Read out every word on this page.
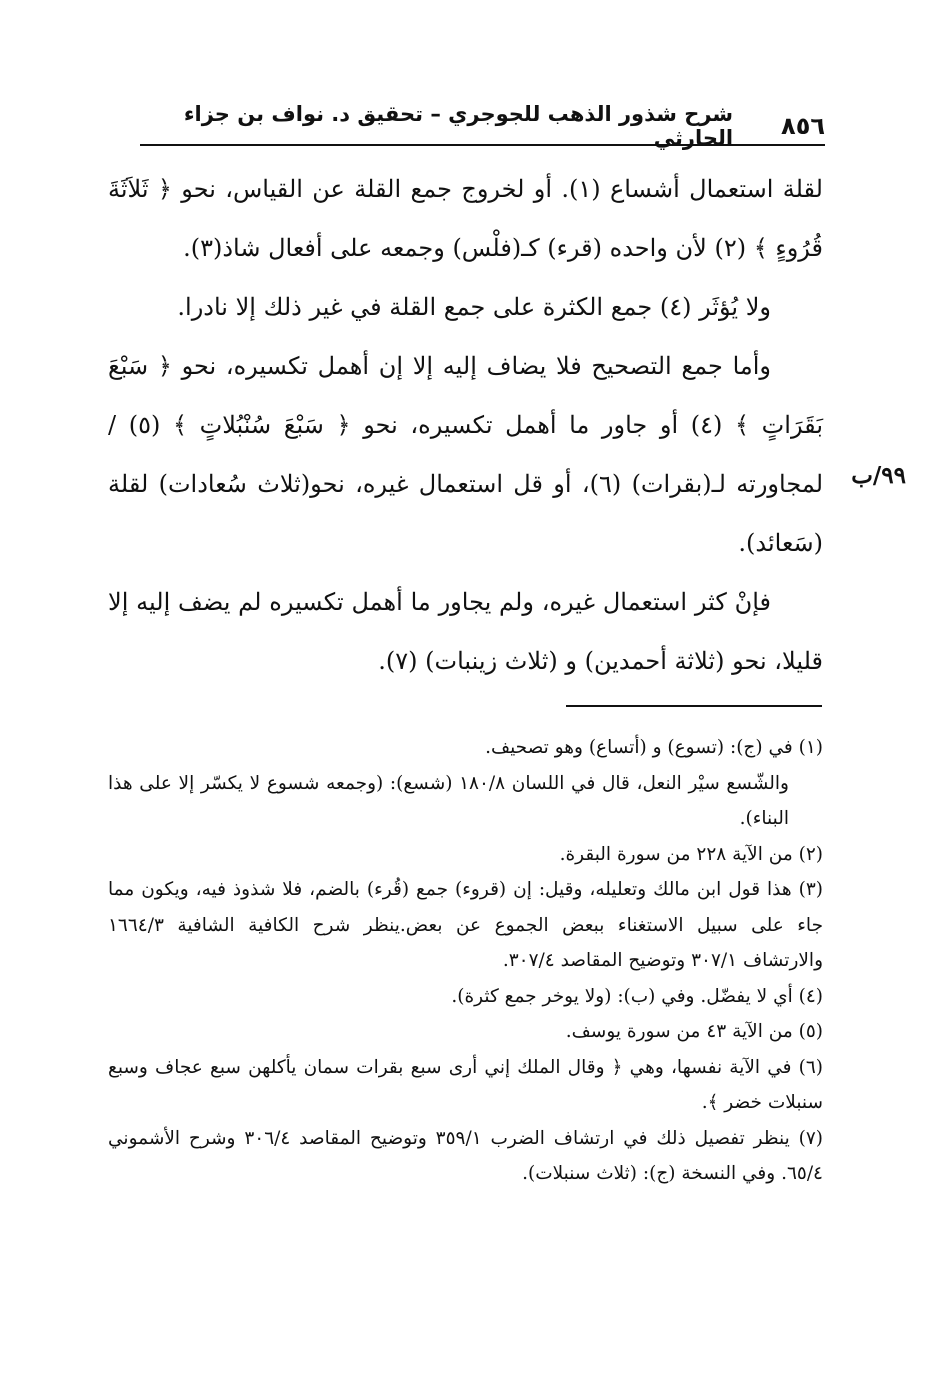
٨٥٦
شرح شذور الذهب للجوجري – تحقيق د. نواف بن جزاء الحارثي
٩٩/ب

لقلة استعمال أشساع (١). أو لخروج جمع القلة عن القياس، نحو ﴿ ثَلاَثَةَ قُرُوءٍ ﴾ (٢) لأن واحده (قرء) كـ(فلْس) وجمعه على أفعال شاذ(٣).

ولا يُؤثَر (٤) جمع الكثرة على جمع القلة في غير ذلك إلا نادرا.

وأما جمع التصحيح فلا يضاف إليه إلا إن أهمل تكسيره، نحو ﴿ سَبْعَ بَقَرَاتٍ ﴾ (٤) أو جاور ما أهمل تكسيره، نحو ﴿ سَبْعَ سُنْبُلاتٍ ﴾ (٥) /لمجاورته لـ(بقرات) (٦)، أو قل استعمال غيره، نحو(ثلاث سُعادات) لقلة (سَعائد).

فإنْ كثر استعمال غيره، ولم يجاور ما أهمل تكسيره لم يضف إليه إلا قليلا، نحو (ثلاثة أحمدين) و (ثلاث زينبات) (٧).

(١) في (ج): (تسوع) و (أتساع) وهو تصحيف.

والشّسع سيْر النعل، قال في اللسان ١٨٠/٨ (شسع): (وجمعه شسوع لا يكسّر إلا على هذا البناء).

(٢) من الآية ٢٢٨ من سورة البقرة.

(٣) هذا قول ابن مالك وتعليله، وقيل: إن (قروء) جمع (قُرء) بالضم، فلا شذوذ فيه، ويكون مما جاء على سبيل الاستغناء ببعض الجموع عن بعض.ينظر شرح الكافية الشافية ١٦٦٤/٣ والارتشاف ٣٠٧/١ وتوضيح المقاصد ٣٠٧/٤.

(٤) أي لا يفضّل. وفي (ب): (ولا يوخر جمع كثرة).

(٥) من الآية ٤٣ من سورة يوسف.

(٦) في الآية نفسها، وهي ﴿ وقال الملك إني أرى سبع بقرات سمان يأكلهن سبع عجاف وسبع سنبلات خضر ﴾.

(٧) ينظر تفصيل ذلك في ارتشاف الضرب ٣٥٩/١ وتوضيح المقاصد ٣٠٦/٤ وشرح الأشموني ٦٥/٤. وفي النسخة (ج): (ثلاث سنبلات).
